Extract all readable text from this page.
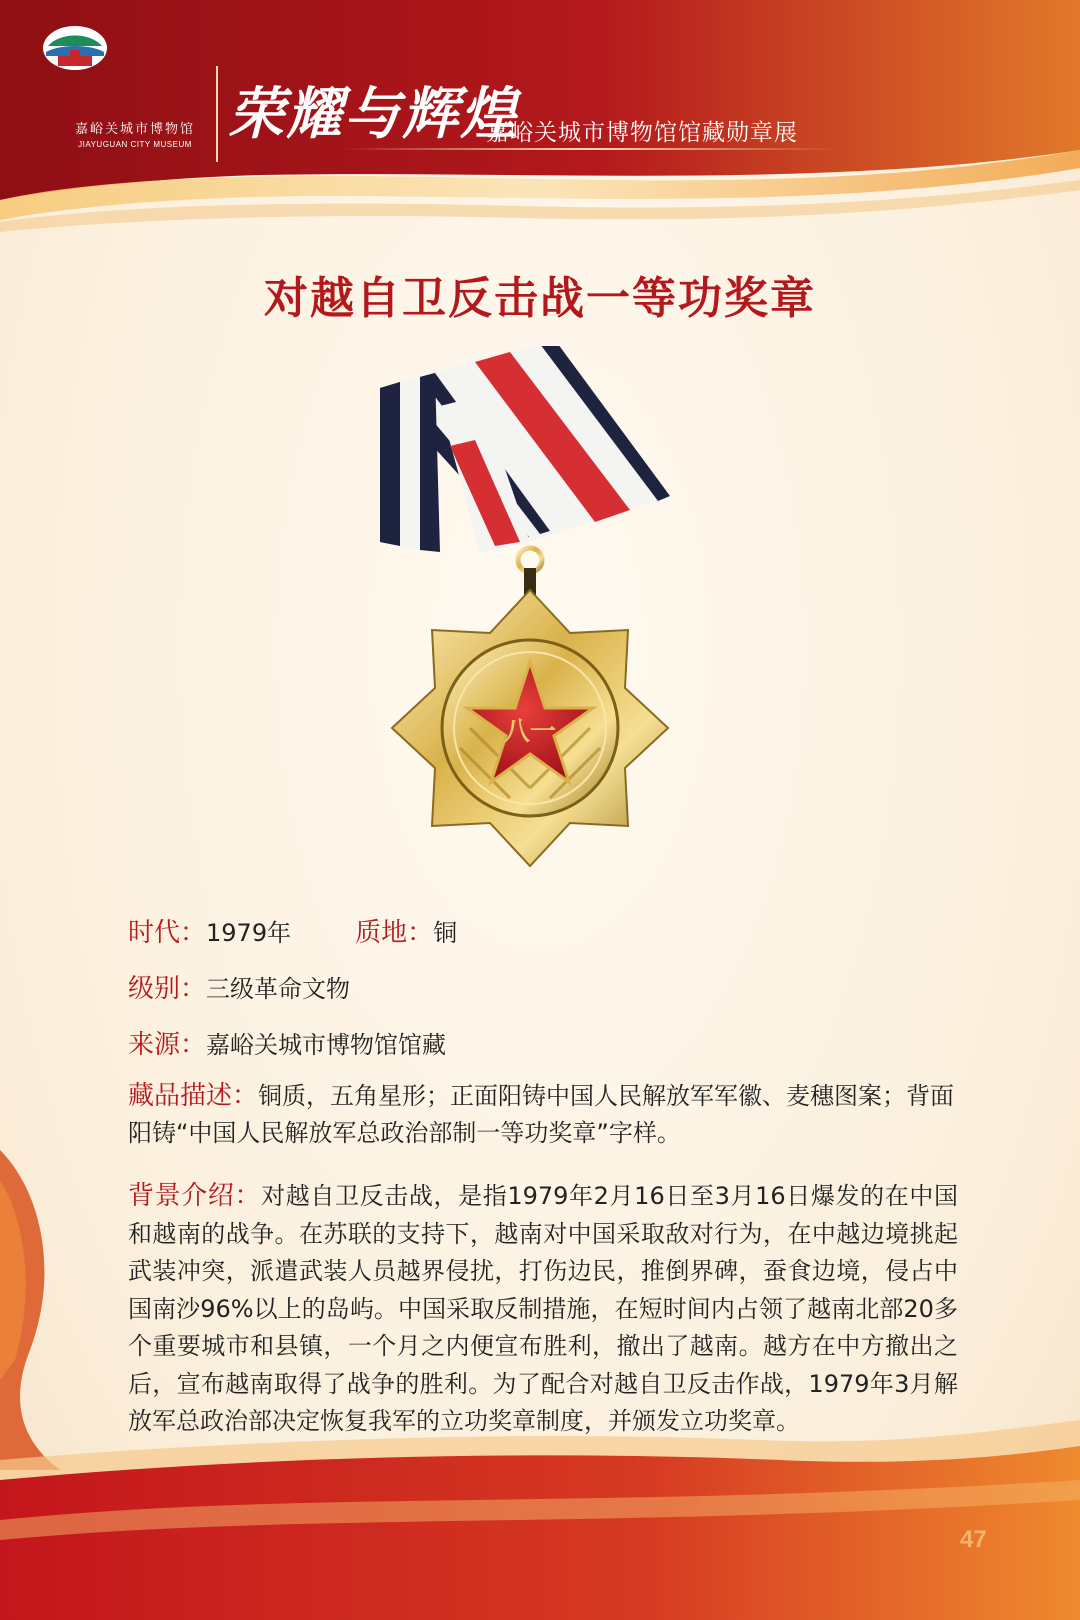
嘉峪关城市博物馆
JIAYUGUAN CITY MUSEUM 荣耀与辉煌
嘉峪关城市博物馆馆藏勋章展
对越自卫反击战一等功奖章
八一
时代：1979年 质地：铜
级别：三级革命文物
来源：嘉峪关城市博物馆馆藏
藏品描述：铜质，五角星形；正面阳铸中国人民解放军军徽、麦穗图案；背面阳铸“中国人民解放军总政治部制一等功奖章”字样。
背景介绍：对越自卫反击战，是指1979年2月16日至3月16日爆发的在中国和越南的战争。在苏联的支持下，越南对中国采取敌对行为，在中越边境挑起武装冲突，派遣武装人员越界侵扰，打伤边民，推倒界碑，蚕食边境，侵占中国南沙96%以上的岛屿。中国采取反制措施，在短时间内占领了越南北部20多个重要城市和县镇，一个月之内便宣布胜利，撤出了越南。越方在中方撤出之后，宣布越南取得了战争的胜利。为了配合对越自卫反击作战，1979年3月解放军总政治部决定恢复我军的立功奖章制度，并颁发立功奖章。
47
